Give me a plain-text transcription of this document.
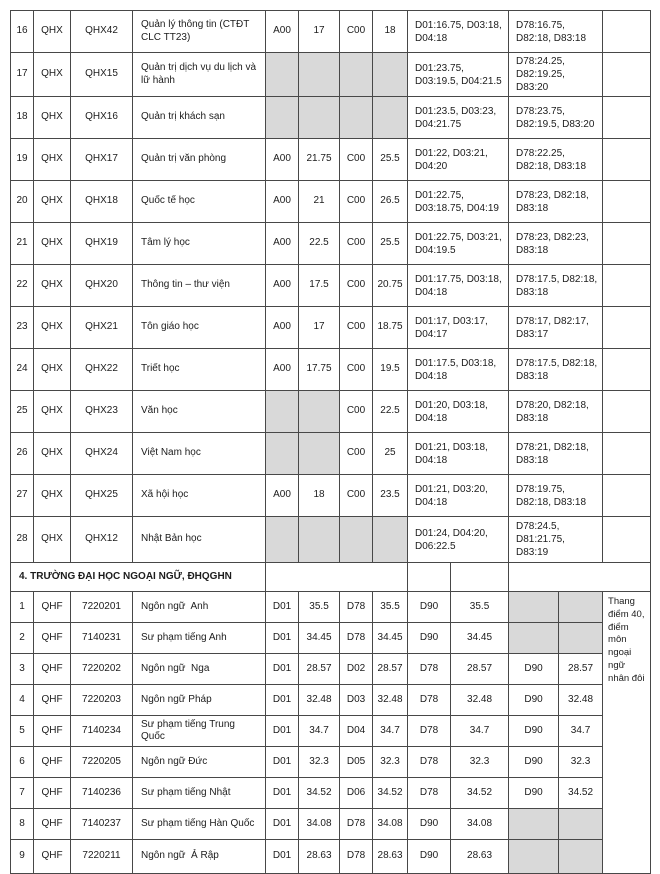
16	QHX	QHX42	Quản lý thông tin (CTĐT CLC TT23)	A00	17	C00	18	D01:16.75, D03:18, D04:18	D78:16.75, D82:18, D83:18	
17	QHX	QHX15	Quản trị dịch vụ du lịch và lữ hành					D01:23.75, D03:19.5, D04:21.5	D78:24.25, D82:19.25, D83:20	
18	QHX	QHX16	Quản trị khách sạn					D01:23.5, D03:23, D04:21.75	D78:23.75, D82:19.5, D83:20	
19	QHX	QHX17	Quản trị văn phòng	A00	21.75	C00	25.5	D01:22, D03:21, D04:20	D78:22.25, D82:18, D83:18	
20	QHX	QHX18	Quốc tế học	A00	21	C00	26.5	D01:22.75, D03:18.75, D04:19	D78:23, D82:18, D83:18	
21	QHX	QHX19	Tâm lý học	A00	22.5	C00	25.5	D01:22.75, D03:21, D04:19.5	D78:23, D82:23, D83:18	
22	QHX	QHX20	Thông tin – thư viện	A00	17.5	C00	20.75	D01:17.75, D03:18, D04:18	D78:17.5, D82:18, D83:18	
23	QHX	QHX21	Tôn giáo học	A00	17	C00	18.75	D01:17, D03:17, D04:17	D78:17, D82:17, D83:17	
24	QHX	QHX22	Triết học	A00	17.75	C00	19.5	D01:17.5, D03:18, D04:18	D78:17.5, D82:18, D83:18	
25	QHX	QHX23	Văn học			C00	22.5	D01:20, D03:18, D04:18	D78:20, D82:18, D83:18	
26	QHX	QHX24	Việt Nam học			C00	25	D01:21, D03:18, D04:18	D78:21, D82:18, D83:18	
27	QHX	QHX25	Xã hội học	A00	18	C00	23.5	D01:21, D03:20, D04:18	D78:19.75, D82:18, D83:18	
28	QHX	QHX12	Nhật Bản học					D01:24, D04:20, D06:22.5	D78:24.5, D81:21.75, D83:19	
4. TRƯỜNG ĐẠI HỌC NGOẠI NGỮ, ĐHQGHN												
1	QHF	7220201	Ngôn ngữ  Anh	D01	35.5	D78	35.5	D90	35.5			Thang điểm 40, điểm môn ngoại ngữ nhân đôi
2	QHF	7140231	Sư phạm tiếng Anh	D01	34.45	D78	34.45	D90	34.45			
3	QHF	7220202	Ngôn ngữ  Nga	D01	28.57	D02	28.57	D78	28.57	D90	28.57	
4	QHF	7220203	Ngôn ngữ Pháp	D01	32.48	D03	32.48	D78	32.48	D90	32.48	
5	QHF	7140234	Sư phạm tiếng Trung Quốc	D01	34.7	D04	34.7	D78	34.7	D90	34.7	
6	QHF	7220205	Ngôn ngữ Đức	D01	32.3	D05	32.3	D78	32.3	D90	32.3	
7	QHF	7140236	Sư phạm tiếng Nhật	D01	34.52	D06	34.52	D78	34.52	D90	34.52	
8	QHF	7140237	Sư phạm tiếng Hàn Quốc	D01	34.08	D78	34.08	D90	34.08			
9	QHF	7220211	Ngôn ngữ  Ả Rập	D01	28.63	D78	28.63	D90	28.63			
